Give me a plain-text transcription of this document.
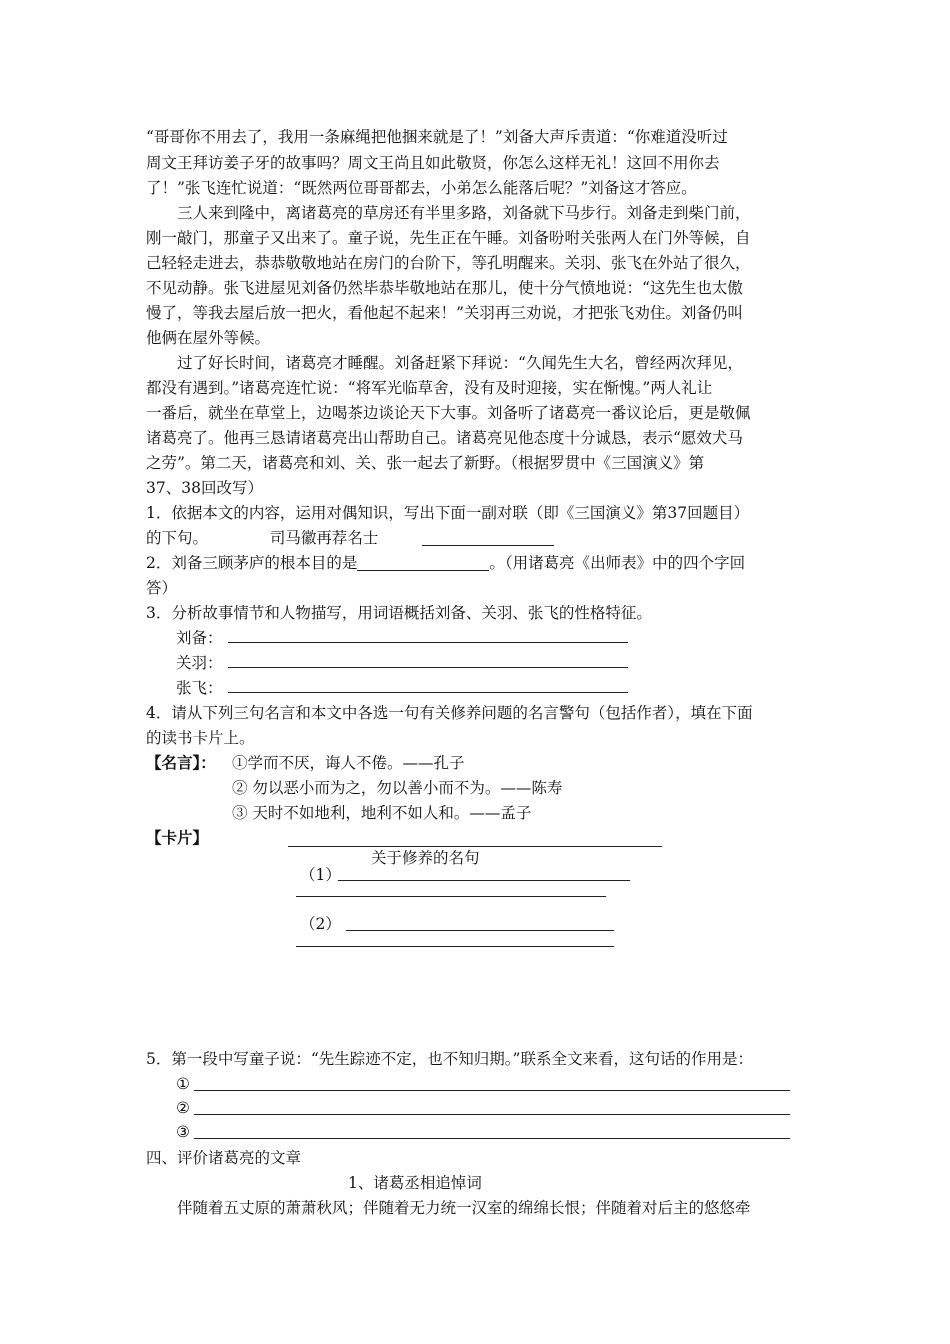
“哥哥你不用去了，我用一条麻绳把他捆来就是了！”刘备大声斥责道：“你难道没听过
周文王拜访姜子牙的故事吗？周文王尚且如此敬贤，你怎么这样无礼！这回不用你去
了！”张飞连忙说道：“既然两位哥哥都去，小弟怎么能落后呢？”刘备这才答应。
三人来到隆中，离诸葛亮的草房还有半里多路，刘备就下马步行。刘备走到柴门前，
刚一敲门，那童子又出来了。童子说，先生正在午睡。刘备吩咐关张两人在门外等候，自
己轻轻走进去，恭恭敬敬地站在房门的台阶下，等孔明醒来。关羽、张飞在外站了很久，
不见动静。张飞进屋见刘备仍然毕恭毕敬地站在那儿，使十分气愤地说：“这先生也太傲
慢了，等我去屋后放一把火，看他起不起来！”关羽再三劝说，才把张飞劝住。刘备仍叫
他俩在屋外等候。
过了好长时间，诸葛亮才睡醒。刘备赶紧下拜说：“久闻先生大名，曾经两次拜见，
都没有遇到。”诸葛亮连忙说：“将军光临草舍，没有及时迎接，实在惭愧。”两人礼让
一番后，就坐在草堂上，边喝茶边谈论天下大事。刘备听了诸葛亮一番议论后，更是敬佩
诸葛亮了。他再三恳请诸葛亮出山帮助自己。诸葛亮见他态度十分诚恳，表示“愿效犬马
之劳”。第二天，诸葛亮和刘、关、张一起去了新野。（根据罗贯中《三国演义》第
37、38回改写）
1．依据本文的内容，运用对偶知识，写出下面一副对联（即《三国演义》第37回题目）
的下句。	司马徽再荐名士
2．刘备三顾茅庐的根本目的是	。（用诸葛亮《出师表》中的四个字回
答）
3．分析故事情节和人物描写，用词语概括刘备、关羽、张飞的性格特征。
刘备：
关羽：
张飞：
4．请从下列三句名言和本文中各选一句有关修养问题的名言警句（包括作者），填在下面
的读书卡片上。
【名言】： ①学而不厌，诲人不倦。——孔子
② 勿以恶小而为之，勿以善小而不为。——陈寿
③ 天时不如地利，地利不如人和。——孟子
【卡片】
关于修养的名句
（1）
（2）
5．第一段中写童子说：“先生踪迹不定，也不知归期。”联系全文来看，这句话的作用是：
①
②
③
四、评价诸葛亮的文章
1、诸葛丞相追悼词
伴随着五丈原的萧萧秋风；伴随着无力统一汉室的绵绵长恨；伴随着对后主的悠悠牵
